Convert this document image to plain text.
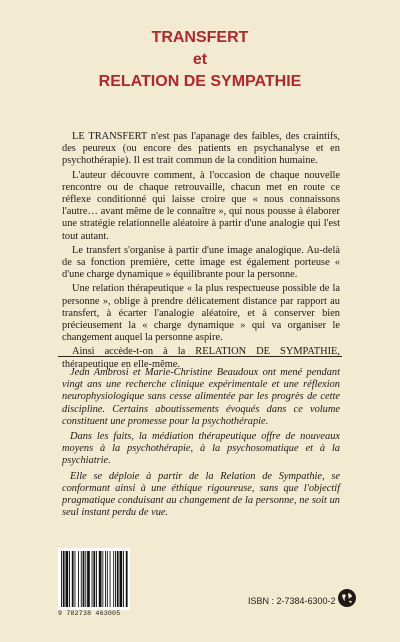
TRANSFERT
et
RELATION DE SYMPATHIE

LE TRANSFERT n'est pas l'apanage des faibles, des craintifs, des peureux (ou encore des patients en psychanalyse et en psychothérapie). Il est trait commun de la condition humaine.

L'auteur découvre comment, à l'occasion de chaque nouvelle rencontre ou de chaque retrouvaille, chacun met en route ce réflexe conditionné qui laisse croire que « nous connaissons l'autre… avant même de le connaître », qui nous pousse à élaborer une stratégie relationnelle aléatoire à partir d'une analogie qui l'est tout autant.

Le transfert s'organise à partir d'une image analogique. Au-delà de sa fonction première, cette image est également porteuse « d'une charge dynamique » équilibrante pour la personne.

Une relation thérapeutique « la plus respectueuse possible de la personne », oblige à prendre délicatement distance par rapport au transfert, à écarter l'analogie aléatoire, et à conserver bien précieusement la « charge dynamique » qui va organiser le changement auquel la personne aspire.

Ainsi accède-t-on à la RELATION DE SYMPATHIE, thérapeutique en elle-même.

Jean Ambrosi et Marie-Christine Beaudoux ont mené pendant vingt ans une recherche clinique expérimentale et une réflexion neurophysiologique sans cesse alimentée par les progrès de cette discipline. Certains aboutissements évoqués dans ce volume constituent une promesse pour la psychothérapie.

Dans les faits, la médiation thérapeutique offre de nouveaux moyens à la psychothérapie, à la psychosomatique et à la psychiatrie.

Elle se déploie à partir de la Relation de Sympathie, se conformant ainsi à une éthique rigoureuse, sans que l'objectif pragmatique conduisant au changement de la personne, ne soit un seul instant perdu de vue.

9 782738 463005
ISBN : 2-7384-6300-2
